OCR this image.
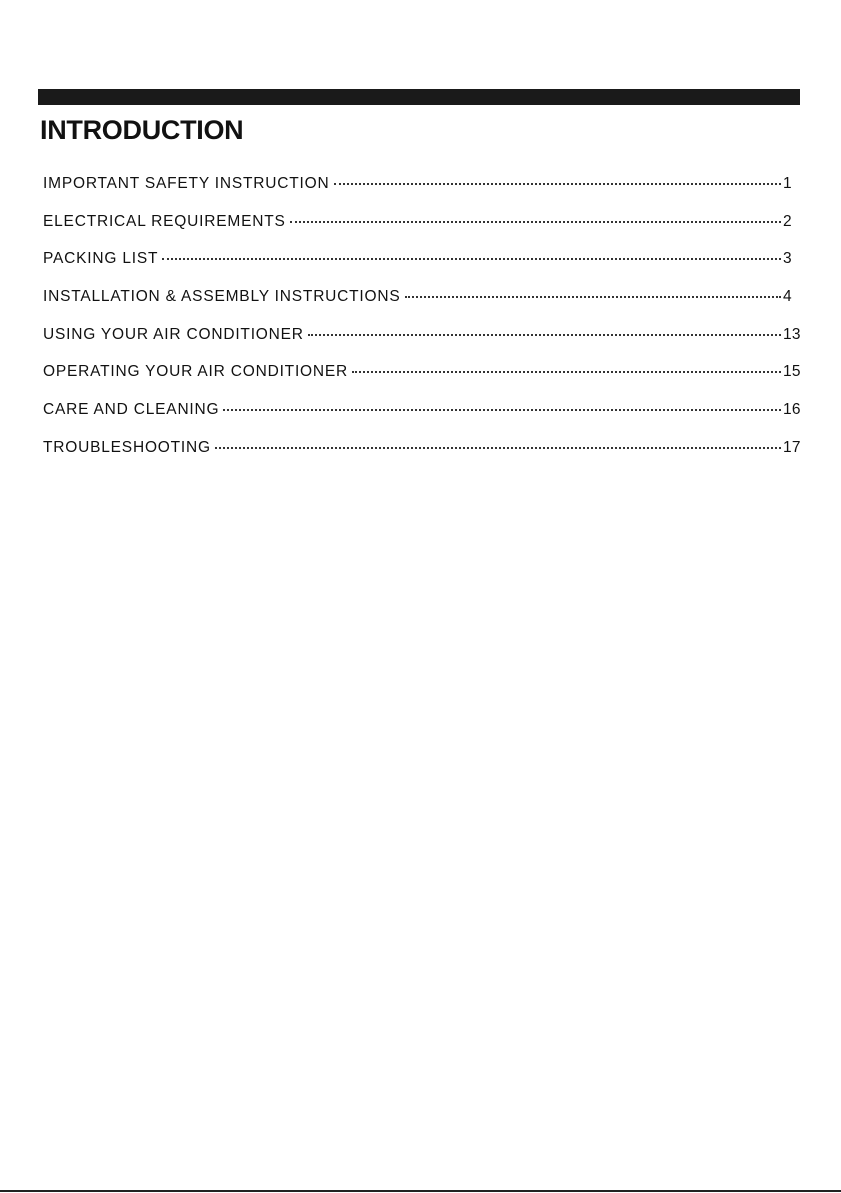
INTRODUCTION
IMPORTANT SAFETY INSTRUCTION	1
ELECTRICAL REQUIREMENTS	2
PACKING LIST	3
INSTALLATION & ASSEMBLY INSTRUCTIONS	4
USING YOUR AIR CONDITIONER	13
OPERATING YOUR AIR CONDITIONER	15
CARE AND CLEANING	16
TROUBLESHOOTING	17
